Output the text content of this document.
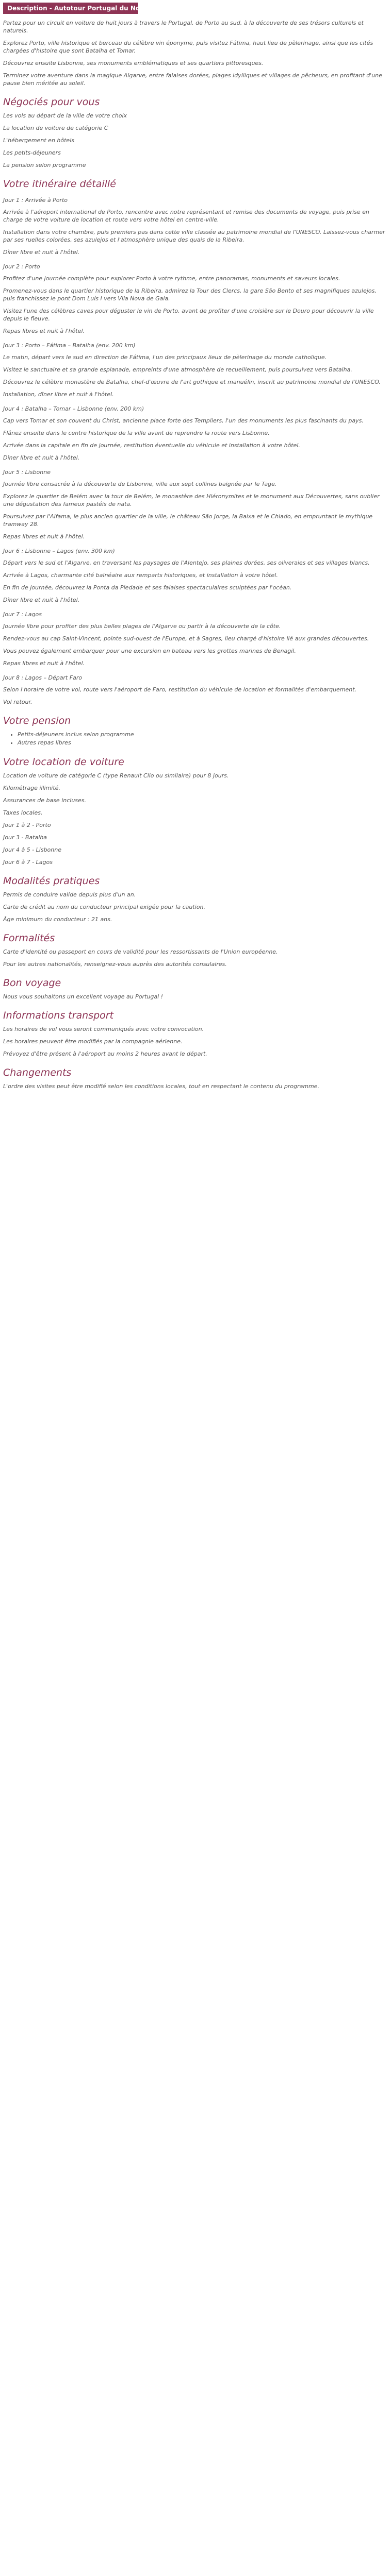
Description - Autotour Portugal du Nord au Sud

Partez pour un circuit en voiture de huit jours à travers le Portugal, de Porto au sud, à la découverte de ses trésors culturels et naturels.

Explorez Porto, ville historique et berceau du célèbre vin éponyme, puis visitez Fátima, haut lieu de pèlerinage, ainsi que les cités chargées d'histoire que sont Batalha et Tomar.

Découvrez ensuite Lisbonne, ses monuments emblématiques et ses quartiers pittoresques.

Terminez votre aventure dans la magique Algarve, entre falaises dorées, plages idylliques et villages de pêcheurs, en profitant d'une pause bien méritée au soleil.

Négociés pour vous

Les vols au départ de la ville de votre choix

La location de voiture de catégorie C

L'hébergement en hôtels

Les petits-déjeuners

La pension selon programme

Votre itinéraire détaillé
Jour 1 : Arrivée à Porto

Arrivée à l'aéroport international de Porto, rencontre avec notre représentant et remise des documents de voyage, puis prise en charge de votre voiture de location et route vers votre hôtel en centre-ville.

Installation dans votre chambre, puis premiers pas dans cette ville classée au patrimoine mondial de l'UNESCO. Laissez-vous charmer par ses ruelles colorées, ses azulejos et l'atmosphère unique des quais de la Ribeira.

Dîner libre et nuit à l'hôtel.

Jour 2 : Porto

Profitez d'une journée complète pour explorer Porto à votre rythme, entre panoramas, monuments et saveurs locales.

Promenez-vous dans le quartier historique de la Ribeira, admirez la Tour des Clercs, la gare São Bento et ses magnifiques azulejos, puis franchissez le pont Dom Luís I vers Vila Nova de Gaia.

Visitez l'une des célèbres caves pour déguster le vin de Porto, avant de profiter d'une croisière sur le Douro pour découvrir la ville depuis le fleuve.

Repas libres et nuit à l'hôtel.

Jour 3 : Porto – Fátima – Batalha (env. 200 km)

Le matin, départ vers le sud en direction de Fátima, l'un des principaux lieux de pèlerinage du monde catholique.

Visitez le sanctuaire et sa grande esplanade, empreints d'une atmosphère de recueillement, puis poursuivez vers Batalha.

Découvrez le célèbre monastère de Batalha, chef-d'œuvre de l'art gothique et manuélin, inscrit au patrimoine mondial de l'UNESCO.

Installation, dîner libre et nuit à l'hôtel.

Jour 4 : Batalha – Tomar – Lisbonne (env. 200 km)

Cap vers Tomar et son couvent du Christ, ancienne place forte des Templiers, l'un des monuments les plus fascinants du pays.

Flânez ensuite dans le centre historique de la ville avant de reprendre la route vers Lisbonne.

Arrivée dans la capitale en fin de journée, restitution éventuelle du véhicule et installation à votre hôtel.

Dîner libre et nuit à l'hôtel.

Jour 5 : Lisbonne

Journée libre consacrée à la découverte de Lisbonne, ville aux sept collines baignée par le Tage.

Explorez le quartier de Belém avec la tour de Belém, le monastère des Hiéronymites et le monument aux Découvertes, sans oublier une dégustation des fameux pastéis de nata.

Poursuivez par l'Alfama, le plus ancien quartier de la ville, le château São Jorge, la Baixa et le Chiado, en empruntant le mythique tramway 28.

Repas libres et nuit à l'hôtel.

Jour 6 : Lisbonne – Lagos (env. 300 km)

Départ vers le sud et l'Algarve, en traversant les paysages de l'Alentejo, ses plaines dorées, ses oliveraies et ses villages blancs.

Arrivée à Lagos, charmante cité balnéaire aux remparts historiques, et installation à votre hôtel.

En fin de journée, découvrez la Ponta da Piedade et ses falaises spectaculaires sculptées par l'océan.

Dîner libre et nuit à l'hôtel.

Jour 7 : Lagos

Journée libre pour profiter des plus belles plages de l'Algarve ou partir à la découverte de la côte.

Rendez-vous au cap Saint-Vincent, pointe sud-ouest de l'Europe, et à Sagres, lieu chargé d'histoire lié aux grandes découvertes.

Vous pouvez également embarquer pour une excursion en bateau vers les grottes marines de Benagil.

Repas libres et nuit à l'hôtel.

Jour 8 : Lagos – Départ Faro

Selon l'horaire de votre vol, route vers l'aéroport de Faro, restitution du véhicule de location et formalités d'embarquement.

Vol retour.

Votre pension
• Petits-déjeuners inclus selon programme
• Autres repas libres
Votre location de voiture

Location de voiture de catégorie C (type Renault Clio ou similaire) pour 8 jours.

Kilométrage illimité.

Assurances de base incluses.

Taxes locales.

Jour 1 à 2 - Porto

Jour 3 - Batalha

Jour 4 à 5 - Lisbonne

Jour 6 à 7 - Lagos

Modalités pratiques

Permis de conduire valide depuis plus d'un an.

Carte de crédit au nom du conducteur principal exigée pour la caution.

Âge minimum du conducteur : 21 ans.

Formalités

Carte d'identité ou passeport en cours de validité pour les ressortissants de l'Union européenne.

Pour les autres nationalités, renseignez-vous auprès des autorités consulaires.

Bon voyage

Nous vous souhaitons un excellent voyage au Portugal !

Informations transport

Les horaires de vol vous seront communiqués avec votre convocation.

Les horaires peuvent être modifiés par la compagnie aérienne.

Prévoyez d'être présent à l'aéroport au moins 2 heures avant le départ.

Changements

L'ordre des visites peut être modifié selon les conditions locales, tout en respectant le contenu du programme.
